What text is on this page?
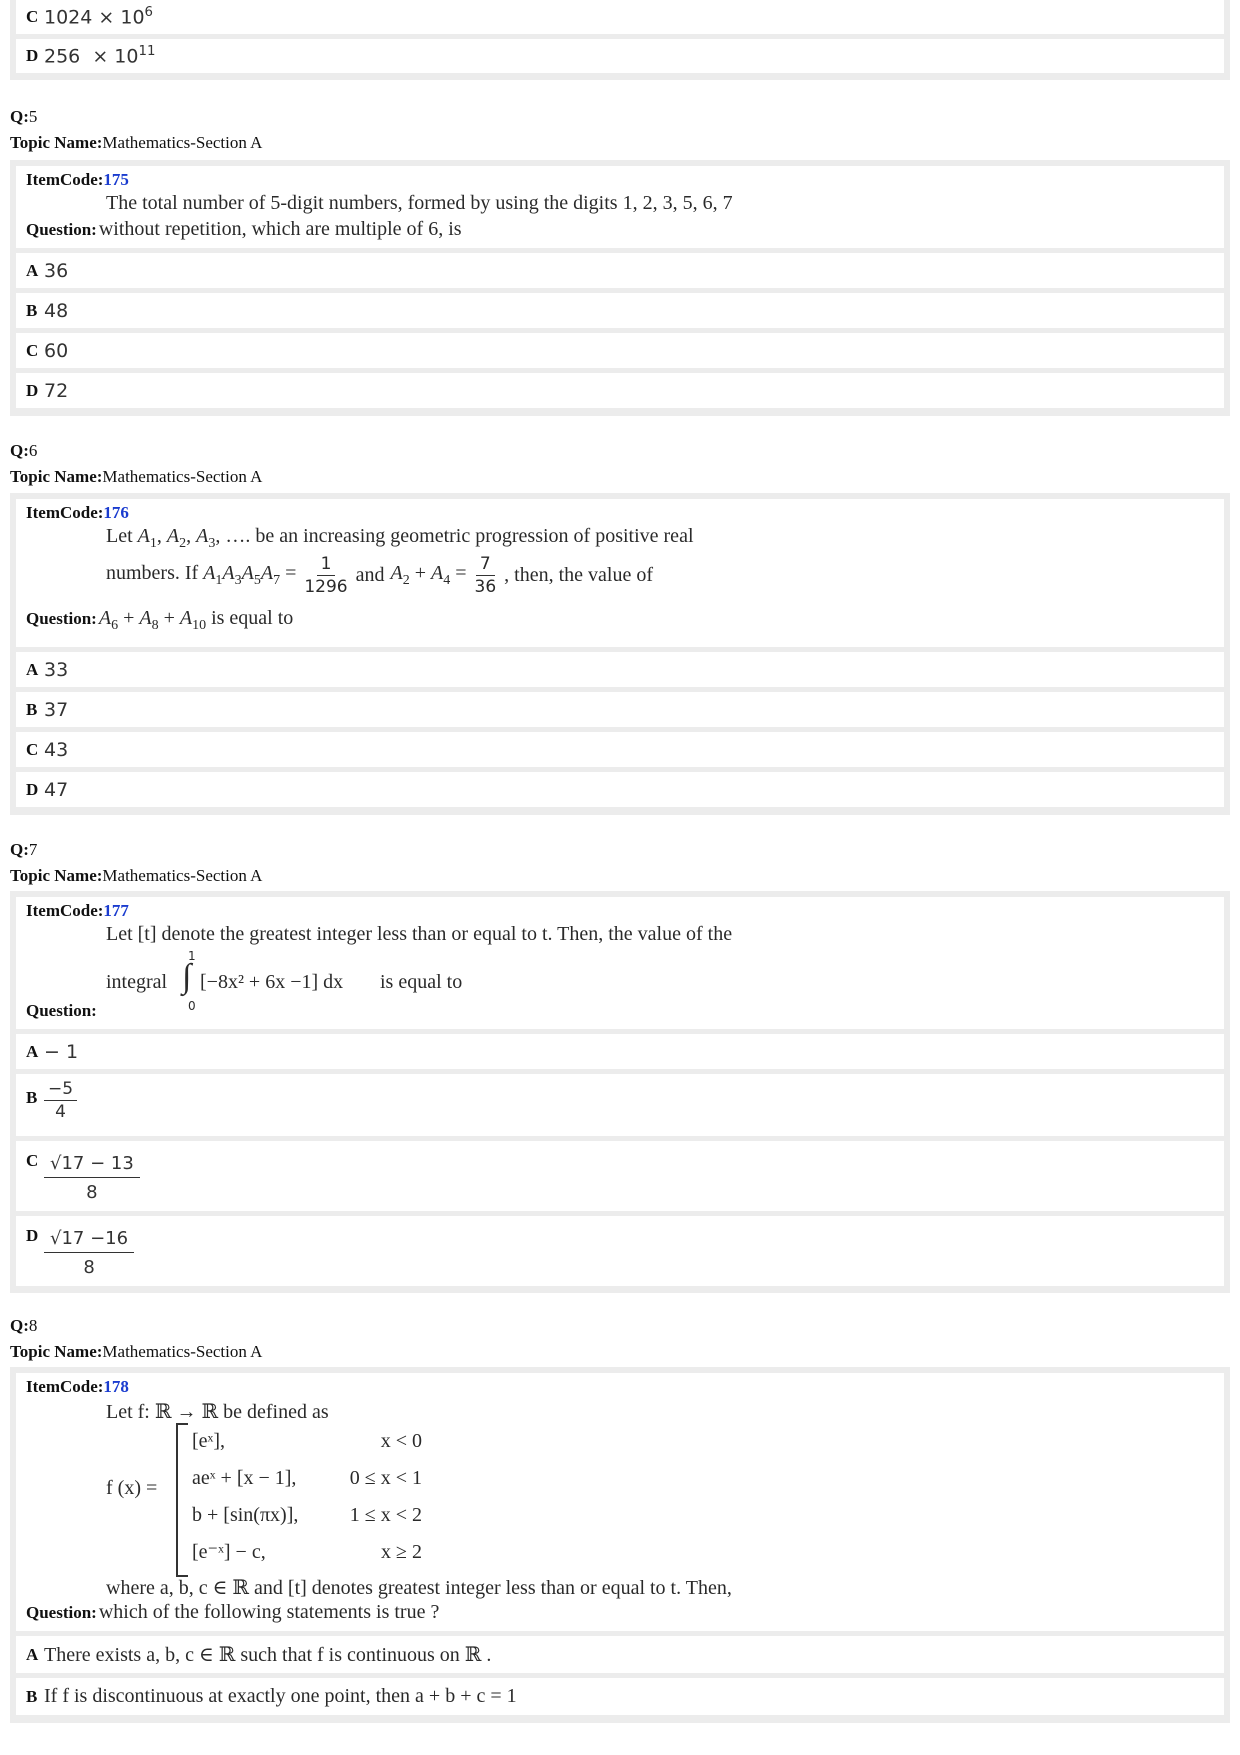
C $1024 \times 10^6$
D $256 \times 10^{11}$
Q:5
Topic Name:Mathematics-Section A
ItemCode:175
The total number of 5-digit numbers, formed by using the digits 1, 2, 3, 5, 6, 7
Question: without repetition, which are multiple of 6, is
A 36
B 48
C 60
D 72
Q:6
Topic Name:Mathematics-Section A
ItemCode:176
Let $A_1$, $A_2$, $A_3$, …. be an increasing geometric progression of positive real
numbers. If $A_1A_3A_5A_7 = \frac{1}{1296}$ and $A_2 + A_4 = \frac{7}{36}$ , then, the value of
Question: $A_6 + A_8 + A_{10}$ is equal to
A 33
B 37
C 43
D 47
Q:7
Topic Name:Mathematics-Section A
ItemCode:177
Let [t] denote the greatest integer less than or equal to t. Then, the value of the
integral
1
∫
0
[−8x² + 6x −1] dx is equal to
Question:
A − 1
B $\frac{-5}{4}$
C $\frac{√17 - 13}{8}$
D $\frac{√17 -16}{8}$
Q:8
Topic Name:Mathematics-Section A
ItemCode:178
Let f: ℝ → ℝ be defined as
f (x) =
[eˣ],
aeˣ + [x − 1],
b + [sin(πx)],
[e⁻ˣ] − c,
x < 0
0 ≤ x < 1
1 ≤ x < 2
x ≥ 2
where a, b, c ∈ ℝ and [t] denotes greatest integer less than or equal to t. Then,
Question: which of the following statements is true ?
A There exists a, b, c ∈ ℝ such that f is continuous on ℝ .
B If f is discontinuous at exactly one point, then a + b + c = 1
